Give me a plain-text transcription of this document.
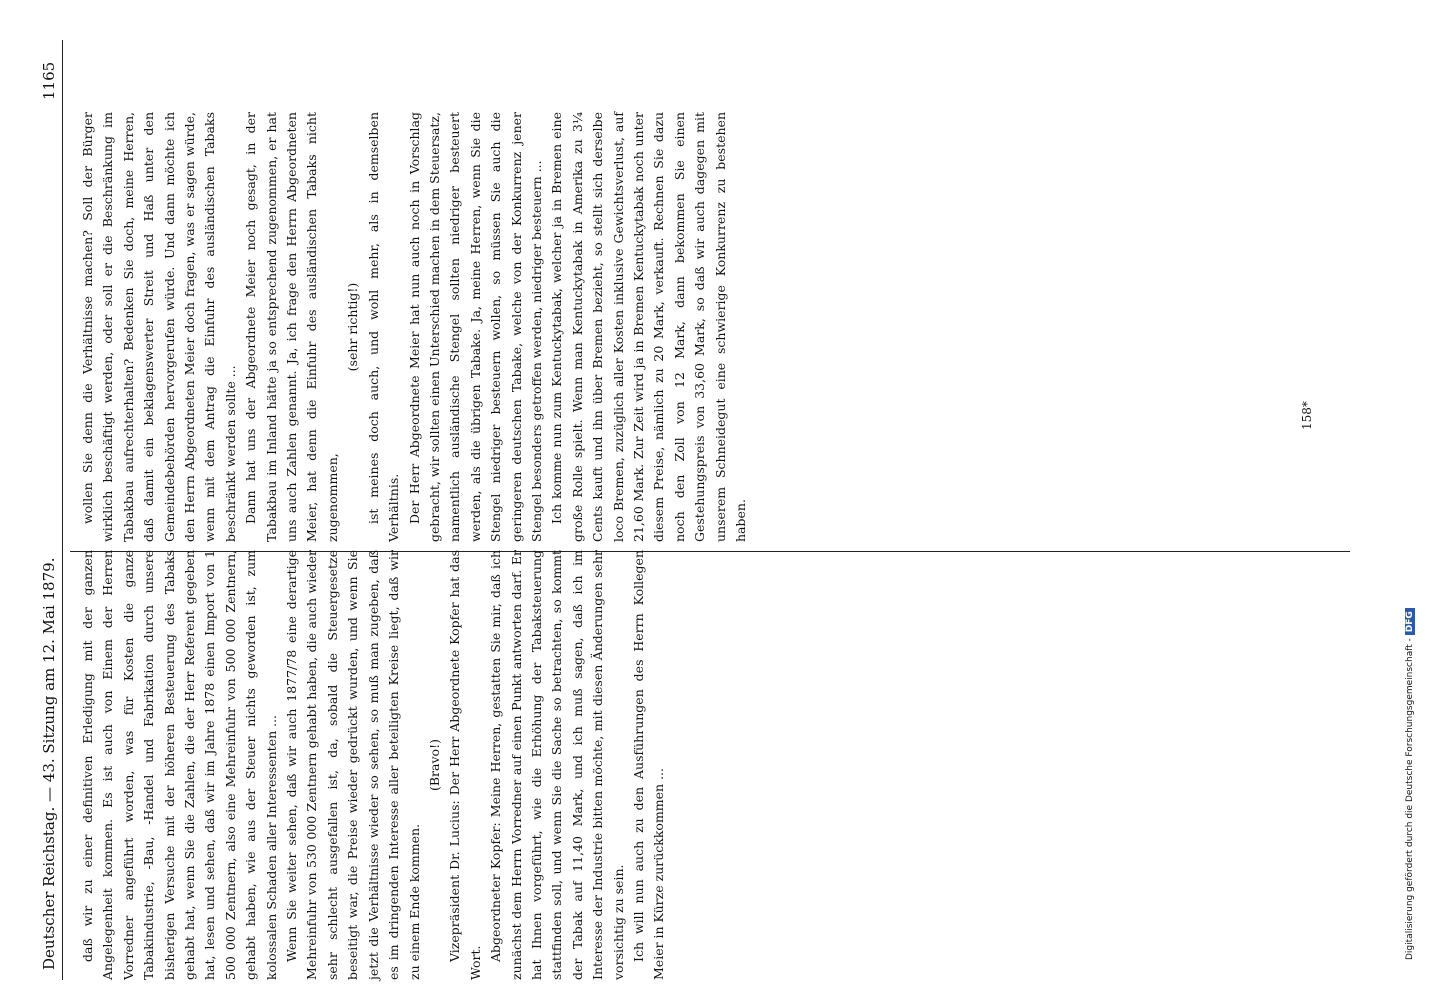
Deutscher Reichstag. — 43. Sitzung am 12. Mai 1879.
1165

daß wir zu einer definitiven Erledigung mit der ganzen Angelegenheit kommen. Es ist auch von Einem der Herren Vorredner angeführt worden, was für Kosten die ganze Tabakindustrie, -Bau, -Handel und Fabrikation durch unsere bisherigen Versuche mit der höheren Besteuerung des Tabaks gehabt hat, wenn Sie die Zahlen, die der Herr Referent gegeben hat, lesen und sehen, daß wir im Jahre 1878 einen Import von 1 500 000 Zentnern, also eine Mehreinfuhr von 500 000 Zentnern, gehabt haben, wie aus der Steuer nichts geworden ist, zum kolossalen Schaden aller Interessenten ... Wenn Sie weiter sehen, daß wir auch 1877/78 eine derartige Mehreinfuhr von 530 000 Zentnern gehabt haben, die auch wieder sehr schlecht ausgefallen ist, da, sobald die Steuergesetze beseitigt war, die Preise wieder gedrückt wurden, und wenn Sie jetzt die Verhältnisse wieder so sehen, so muß man zugeben, daß es im dringenden Interesse aller beteiligten Kreise liegt, daß wir zu einem Ende kommen.

(Bravo!) Vizepräsident Dr. Lucius: Der Herr Abgeordnete Kopfer hat das Wort.

Abgeordneter Kopfer: Meine Herren, gestatten Sie mir, daß ich zunächst dem Herrn Vorredner auf einen Punkt antworten darf. Er hat Ihnen vorgeführt, wie die Erhöhung der Tabaksteuerung stattfinden soll, und wenn Sie die Sache so betrachten, so kommt der Tabak auf 11,40 Mark, und ich muß sagen, daß ich im Interesse der Industrie bitten möchte, mit diesen Änderungen sehr vorsichtig zu sein. Ich will nun auch zu den Ausführungen des Herrn Kollegen Meier in Kürze zurückkommen ...

wollen Sie denn die Verhältnisse machen? Soll der Bürger wirklich beschäftigt werden, oder soll er die Beschränkung im Tabakbau aufrechterhalten? Bedenken Sie doch, meine Herren, daß damit ein beklagenswerter Streit und Haß unter den Gemeindebehörden hervorgerufen würde. Und dann möchte ich den Herrn Abgeordneten Meier doch fragen, was er sagen würde, wenn mit dem Antrag die Einfuhr des ausländischen Tabaks beschränkt werden sollte ... Dann hat uns der Abgeordnete Meier noch gesagt, in der Tabakbau im Inland hätte ja so entsprechend zugenommen, er hat uns auch Zahlen genannt. Ja, ich frage den Herrn Abgeordneten Meier, hat denn die Einfuhr des ausländischen Tabaks nicht zugenommen,

(sehr richtig!) ist meines doch auch, und wohl mehr, als in demselben Verhältnis. Der Herr Abgeordnete Meier hat nun auch noch in Vorschlag gebracht, wir sollten einen Unterschied machen in dem Steuersatz, namentlich ausländische Stengel sollten niedriger besteuert werden, als die übrigen Tabake. Ja, meine Herren, wenn Sie die Stengel niedriger besteuern wollen, so müssen Sie auch die geringeren deutschen Tabake, welche von der Konkurrenz jener Stengel besonders getroffen werden, niedriger besteuern ... Ich komme nun zum Kentuckytabak, welcher ja in Bremen eine große Rolle spielt. Wenn man Kentuckytabak in Amerika zu 3¼ Cents kauft und ihn über Bremen bezieht, so stellt sich derselbe loco Bremen, zuzüglich aller Kosten inklusive Gewichtsverlust, auf 21,60 Mark. Zur Zeit wird ja in Bremen Kentuckytabak noch unter diesem Preise, nämlich zu 20 Mark, verkauft. Rechnen Sie dazu noch den Zoll von 12 Mark, dann bekommen Sie einen Gestehungspreis von 33,60 Mark, so daß wir auch dagegen mit unserem Schneidegut eine schwierige Konkurrenz zu bestehen haben.

158*
Digitalisierung gefördert durch die Deutsche Forschungsgemeinschaft - DFG
